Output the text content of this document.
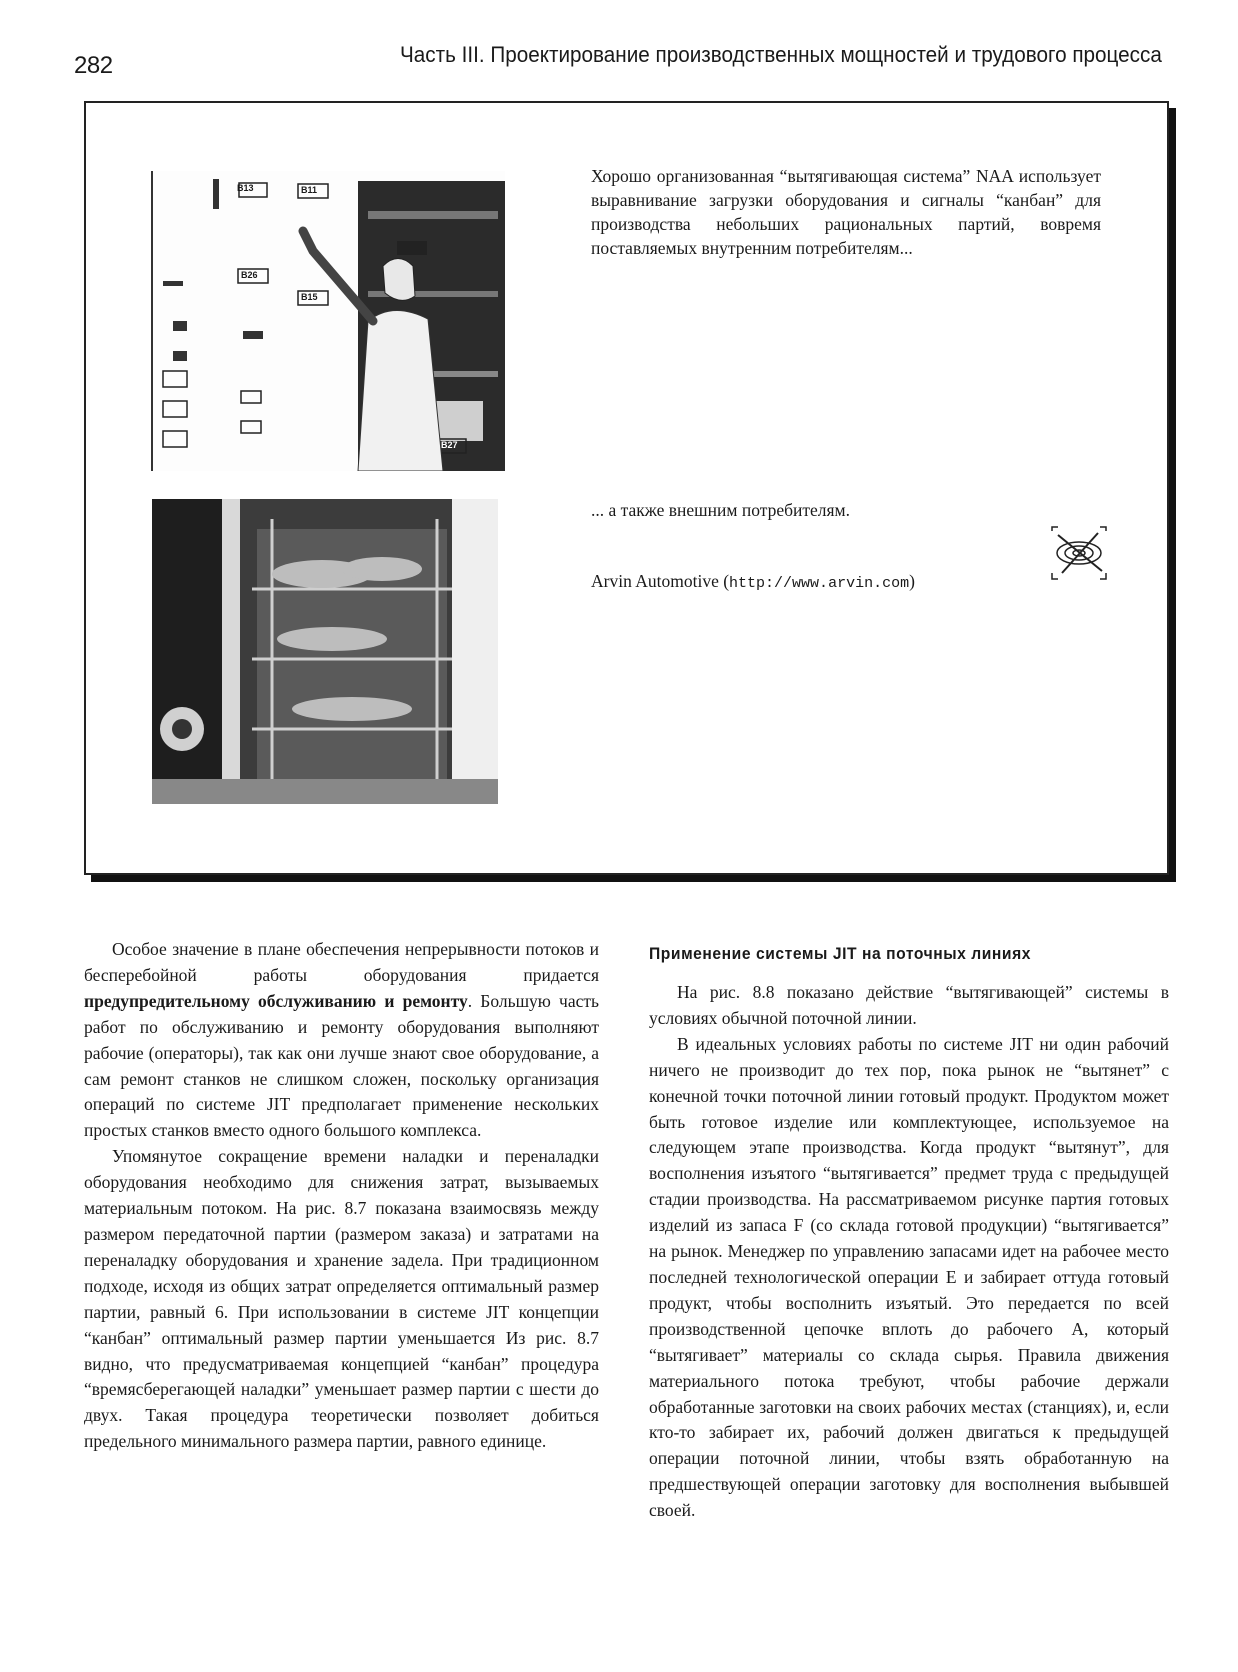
282	Часть III. Проектирование производственных мощностей и трудового процесса
B13	B11
B26
B15
B27
Хорошо организованная “вытягивающая система” NAA использует выравнивание загрузки оборудования и сигналы “канбан” для производства небольших рациональных партий, вовремя поставляемых внутренним потребителям...
... а также внешним потребителям.
Arvin Automotive (http://www.arvin.com)

Особое значение в плане обеспечения непрерывности потоков и бесперебойной работы оборудования придается предупредительному обслуживанию и ремонту. Большую часть работ по обслуживанию и ремонту оборудования выполняют рабочие (операторы), так как они лучше знают свое оборудование, а сам ремонт станков не слишком сложен, поскольку организация операций по системе JIT предполагает применение нескольких простых станков вместо одного большого комплекса.

Упомянутое сокращение времени наладки и переналадки оборудования необходимо для снижения затрат, вызываемых материальным потоком. На рис. 8.7 показана взаимосвязь между размером передаточной партии (размером заказа) и затратами на переналадку оборудования и хранение задела. При традиционном подходе, исходя из общих затрат определяется оптимальный размер партии, равный 6. При использовании в системе JIT концепции “канбан” оптимальный размер партии уменьшается Из рис. 8.7 видно, что предусматриваемая концепцией “канбан” процедура “времясберегающей наладки” уменьшает размер партии с шести до двух. Такая процедура теоретически позволяет добиться предельного минимального размера партии, равного единице.

Применение системы JIT на поточных линиях

На рис. 8.8 показано действие “вытягивающей” системы в условиях обычной поточной линии.

В идеальных условиях работы по системе JIT ни один рабочий ничего не производит до тех пор, пока рынок не “вытянет” с конечной точки поточной линии готовый продукт. Продуктом может быть готовое изделие или комплектующее, используемое на следующем этапе производства. Когда продукт “вытянут”, для восполнения изъятого “вытягивается” предмет труда с предыдущей стадии производства. На рассматриваемом рисунке партия готовых изделий из запаса F (со склада готовой продукции) “вытягивается” на рынок. Менеджер по управлению запасами идет на рабочее место последней технологической операции E и забирает оттуда готовый продукт, чтобы восполнить изъятый. Это передается по всей производственной цепочке вплоть до рабочего A, который “вытягивает” материалы со склада сырья. Правила движения материального потока требуют, чтобы рабочие держали обработанные заготовки на своих рабочих местах (станциях), и, если кто-то забирает их, рабочий должен двигаться к предыдущей операции поточной линии, чтобы взять обработанную на предшествующей операции заготовку для восполнения выбывшей своей.
